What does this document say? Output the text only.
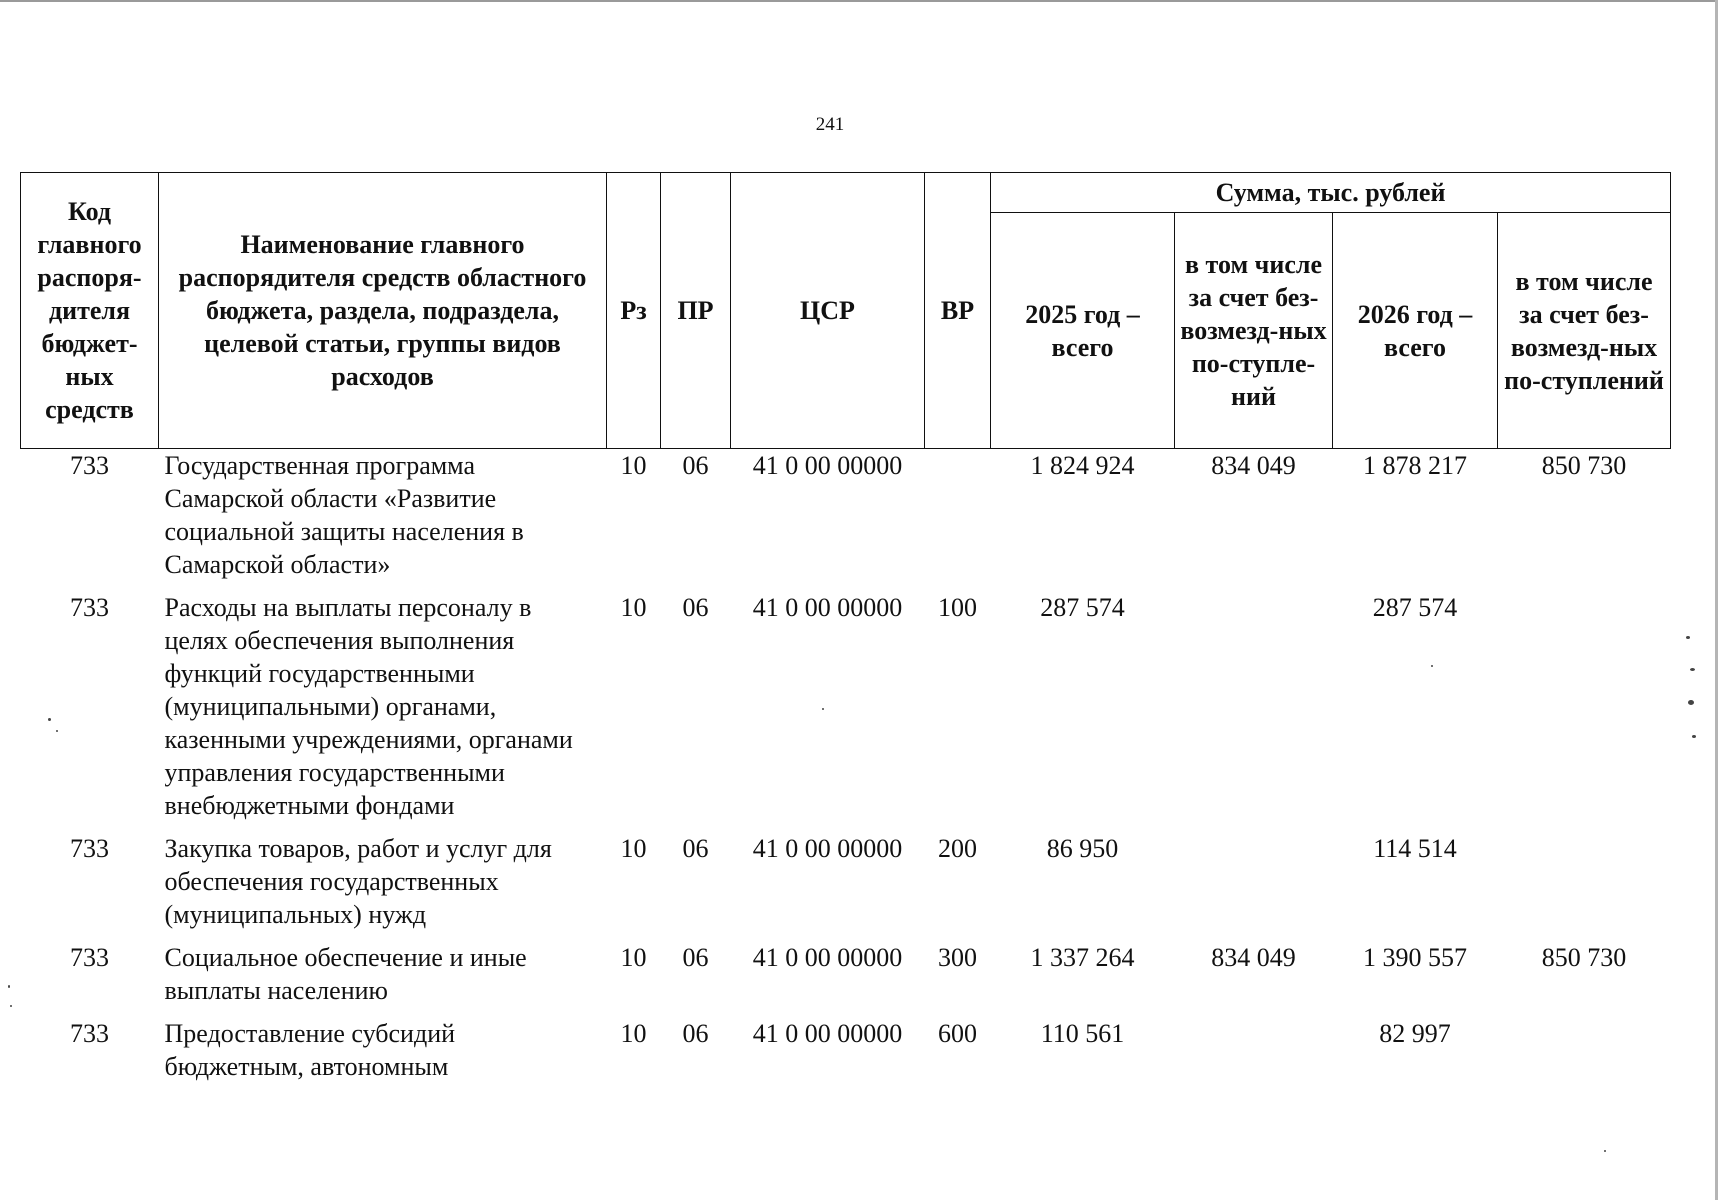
241
Код главного распоря-дителя бюджет-ных средств	Наименование главного распорядителя средств областного бюджета, раздела, подраздела, целевой статьи, группы видов расходов	Рз	ПР	ЦСР	ВР	Сумма, тыс. рублей			
						2025 год – всего	в том числе за счет без-возмезд-ных по-ступле-ний	2026 год – всего	в том числе за счет без-возмезд-ных по-ступлений
733	Государственная программа Самарской области «Развитие социальной защиты населения в Самарской области»	10	06	41 0 00 00000		1 824 924	834 049	1 878 217	850 730
733	Расходы на выплаты персоналу в целях обеспечения выполнения функций государственными (муниципальными) органами, казенными учреждениями, органами управления государственными внебюджетными фондами	10	06	41 0 00 00000	100	287 574		287 574	
733	Закупка товаров, работ и услуг для обеспечения государственных (муниципальных) нужд	10	06	41 0 00 00000	200	86 950		114 514	
733	Социальное обеспечение и иные выплаты населению	10	06	41 0 00 00000	300	1 337 264	834 049	1 390 557	850 730
733	Предоставление субсидий бюджетным, автономным	10	06	41 0 00 00000	600	110 561		82 997	
